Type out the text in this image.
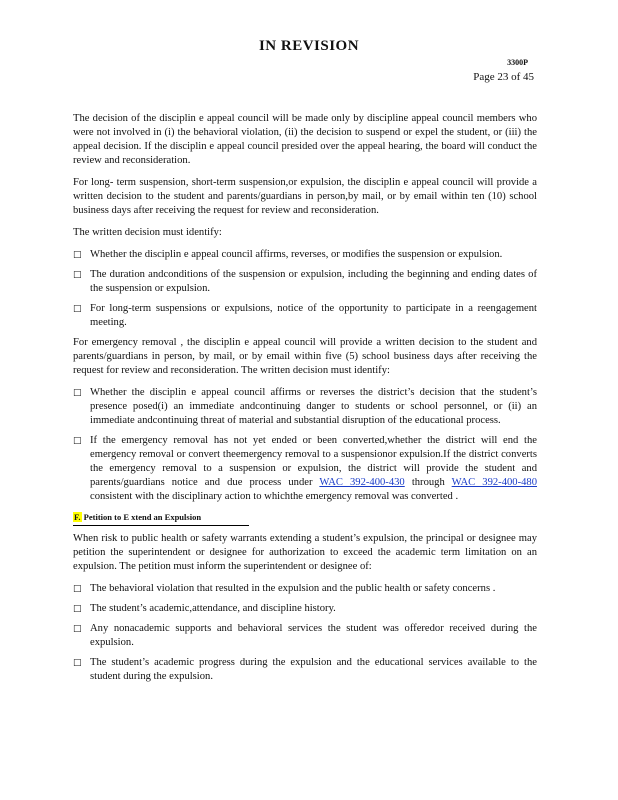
IN REVISION
3300P
Page 23 of 45

The decision of the disciplin e appeal council will be made only by discipline appeal council members who were not involved in (i) the behavioral violation, (ii) the decision to suspend or expel the student, or (iii) the appeal decision. If the disciplin e appeal council presided over the appeal hearing, the board will conduct the review and reconsideration.

For long- term suspension, short-term suspension,or expulsion, the disciplin e appeal council will provide a written decision to the student and parents/guardians in person,by mail, or by email within ten (10) school business days after receiving the request for review and reconsideration.

The written decision must identify:

□ Whether the disciplin e appeal council affirms, reverses, or modifies the suspension or expulsion.
□ The duration andconditions of the suspension or expulsion, including the beginning and ending dates of the suspension or expulsion.
□ For long-term suspensions or expulsions, notice of the opportunity to participate in a reengagement meeting.

For emergency removal , the disciplin e appeal council will provide a written decision to the student and parents/guardians in person, by mail, or by email within five (5) school business days after receiving the request for review and reconsideration. The written decision must identify:

□ Whether the disciplin e appeal council affirms or reverses the district’s decision that the student’s presence posed(i) an immediate andcontinuing danger to students or school personnel, or (ii) an immediate andcontinuing threat of material and substantial disruption of the educational process.
□ If the emergency removal has not yet ended or been converted,whether the district will end the emergency removal or convert theemergency removal to a suspensionor expulsion.If the district converts the emergency removal to a suspension or expulsion, the district will provide the student and parents/guardians notice and due process under WAC 392-400-430 through WAC 392-400-480 consistent with the disciplinary action to whichthe emergency removal was converted .
F. Petition to E xtend an Expulsion

When risk to public health or safety warrants extending a student’s expulsion, the principal or designee may petition the superintendent or designee for authorization to exceed the academic term limitation on an expulsion. The petition must inform the superintendent or designee of:

□ The behavioral violation that resulted in the expulsion and the public health or safety concerns .
□ The student’s academic,attendance, and discipline history.
□ Any nonacademic supports and behavioral services the student was offeredor received during the expulsion.
□ The student’s academic progress during the expulsion and the educational services available to the student during the expulsion.
